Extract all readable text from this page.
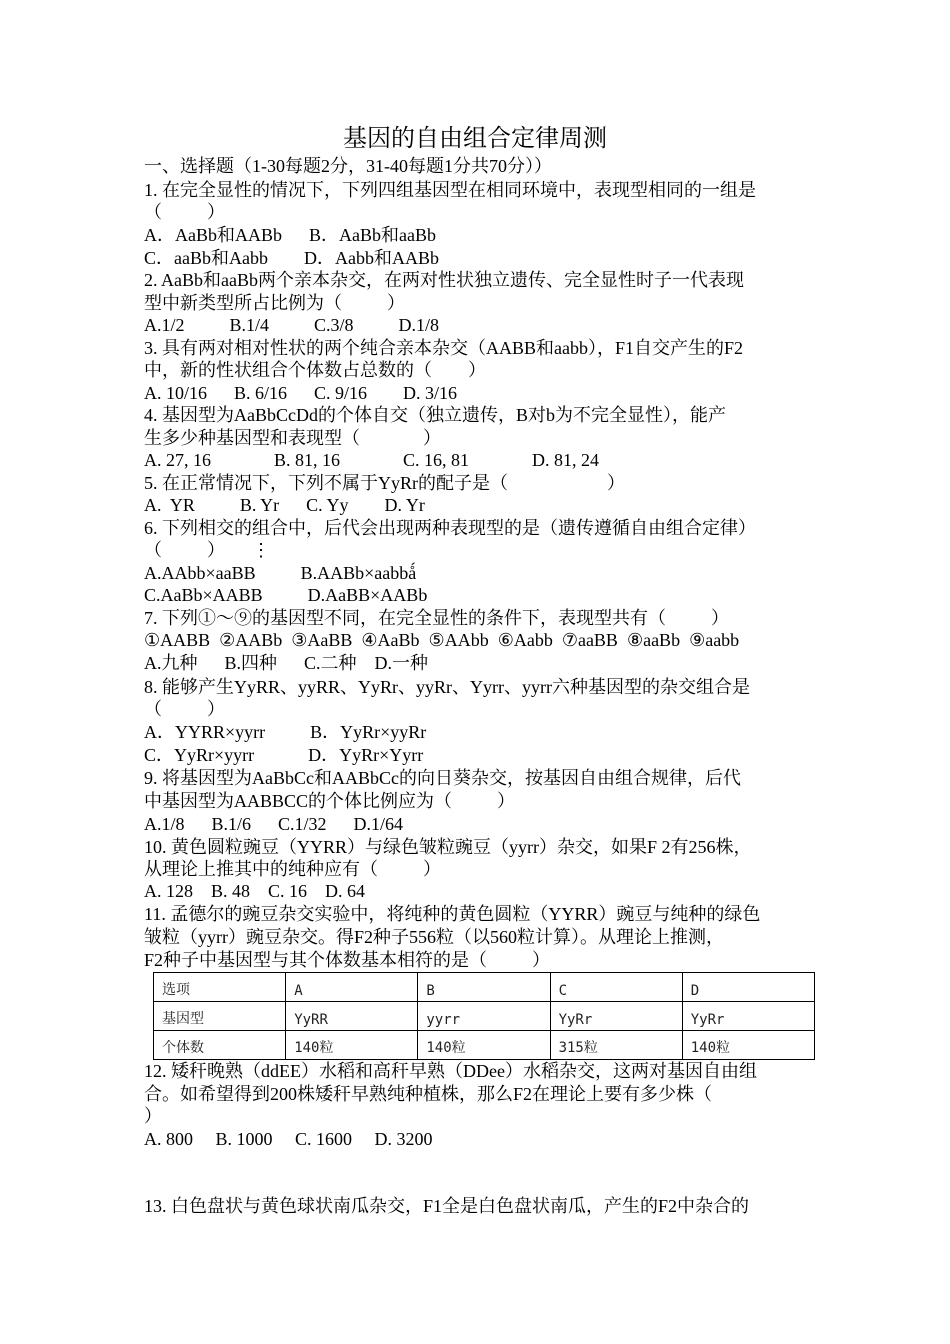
基因的自由组合定律周测
一、选择题（1-30每题2分，31-40每题1分共70分））
1. 在完全显性的情况下，下列四组基因型在相同环境中，表现型相同的一组是
（          ）
A．AaBb和AABb      B．AaBb和aaBb
C．aaBb和Aabb        D．Aabb和AABb
2. AaBb和aaBb两个亲本杂交，在两对性状独立遗传、完全显性时子一代表现
型中新类型所占比例为（          ）
A.1/2          B.1/4          C.3/8          D.1/8
3. 具有两对相对性状的两个纯合亲本杂交（AABB和aabb），F1自交产生的F2
中，新的性状组合个体数占总数的（        ）
A. 10/16      B. 6/16      C. 9/16        D. 3/16
4. 基因型为AaBbCcDd的个体自交（独立遗传，B对b为不完全显性），能产
生多少种基因型和表现型（              ）
A. 27, 16              B. 81, 16              C. 16, 81              D. 81, 24
5. 在正常情况下，下列不属于YyRr的配子是（                      ）
A.  YR          B. Yr      C. Yy        D. Yr
6. 下列相交的组合中，后代会出现两种表现型的是（遗传遵循自由组合定律）
（          ）      ⋮
A.AAbb×aaBB          B.AABb×aabbǻ
C.AaBb×AABB          D.AaBB×AABb
7. 下列①～⑨的基因型不同，在完全显性的条件下，表现型共有（          ）
①AABB  ②AABb  ③AaBB  ④AaBb  ⑤AAbb  ⑥Aabb  ⑦aaBB  ⑧aaBb  ⑨aabb
A.九种      B.四种      C.二种    D.一种
8. 能够产生YyRR、yyRR、YyRr、yyRr、Yyrr、yyrr六种基因型的杂交组合是
（          ）
A．YYRR×yyrr          B．YyRr×yyRr
C．YyRr×yyrr            D．YyRr×Yyrr
9. 将基因型为AaBbCc和AABbCc的向日葵杂交，按基因自由组合规律，后代
中基因型为AABBCC的个体比例应为（          ）
A.1/8      B.1/6      C.1/32      D.1/64
10. 黄色圆粒豌豆（YYRR）与绿色皱粒豌豆（yyrr）杂交，如果F 2有256株，
从理论上推其中的纯种应有（          ）
A. 128    B. 48    C. 16    D. 64
11. 孟德尔的豌豆杂交实验中，将纯种的黄色圆粒（YYRR）豌豆与纯种的绿色
皱粒（yyrr）豌豆杂交。得F2种子556粒（以560粒计算）。从理论上推测，
F2种子中基因型与其个体数基本相符的是（          ）
12. 矮秆晚熟（ddEE）水稻和高秆早熟（DDee）水稻杂交，这两对基因自由组
合。如希望得到200株矮秆早熟纯种植株，那么F2在理论上要有多少株（
）
A. 800     B. 1000     C. 1600     D. 3200
13. 白色盘状与黄色球状南瓜杂交，F1全是白色盘状南瓜，产生的F2中杂合的
选项	A	B	C	D
基因型	YyRR	yyrr	YyRr	YyRr
个体数	140粒	140粒	315粒	140粒
